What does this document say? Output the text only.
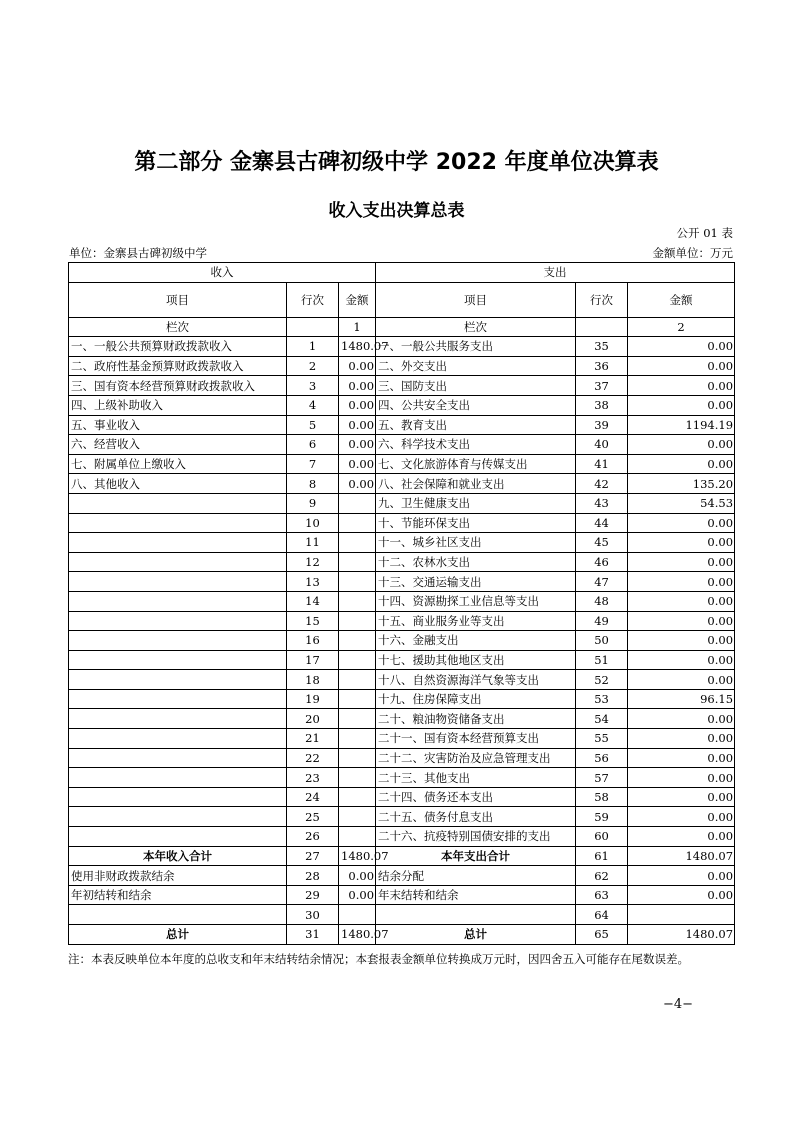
第二部分 金寨县古碑初级中学 2022 年度单位决算表
收入支出决算总表
公开 01 表
单位：金寨县古碑初级中学	金额单位：万元
收入			支出		
项目	行次	金额	项目	行次	金额
栏次		1	栏次		2
一、一般公共预算财政拨款收入	1	1480.07	一、一般公共服务支出	35	0.00
二、政府性基金预算财政拨款收入	2	0.00	二、外交支出	36	0.00
三、国有资本经营预算财政拨款收入	3	0.00	三、国防支出	37	0.00
四、上级补助收入	4	0.00	四、公共安全支出	38	0.00
五、事业收入	5	0.00	五、教育支出	39	1194.19
六、经营收入	6	0.00	六、科学技术支出	40	0.00
七、附属单位上缴收入	7	0.00	七、文化旅游体育与传媒支出	41	0.00
八、其他收入	8	0.00	八、社会保障和就业支出	42	135.20
	9		九、卫生健康支出	43	54.53
	10		十、节能环保支出	44	0.00
	11		十一、城乡社区支出	45	0.00
	12		十二、农林水支出	46	0.00
	13		十三、交通运输支出	47	0.00
	14		十四、资源勘探工业信息等支出	48	0.00
	15		十五、商业服务业等支出	49	0.00
	16		十六、金融支出	50	0.00
	17		十七、援助其他地区支出	51	0.00
	18		十八、自然资源海洋气象等支出	52	0.00
	19		十九、住房保障支出	53	96.15
	20		二十、粮油物资储备支出	54	0.00
	21		二十一、国有资本经营预算支出	55	0.00
	22		二十二、灾害防治及应急管理支出	56	0.00
	23		二十三、其他支出	57	0.00
	24		二十四、债务还本支出	58	0.00
	25		二十五、债务付息支出	59	0.00
	26		二十六、抗疫特别国债安排的支出	60	0.00
本年收入合计	27	1480.07	本年支出合计	61	1480.07
使用非财政拨款结余	28	0.00	结余分配	62	0.00
年初结转和结余	29	0.00	年末结转和结余	63	0.00
	30			64	
总计	31	1480.07	总计	65	1480.07
注：本表反映单位本年度的总收支和年末结转结余情况；本套报表金额单位转换成万元时，因四舍五入可能存在尾数误差。
−4−
